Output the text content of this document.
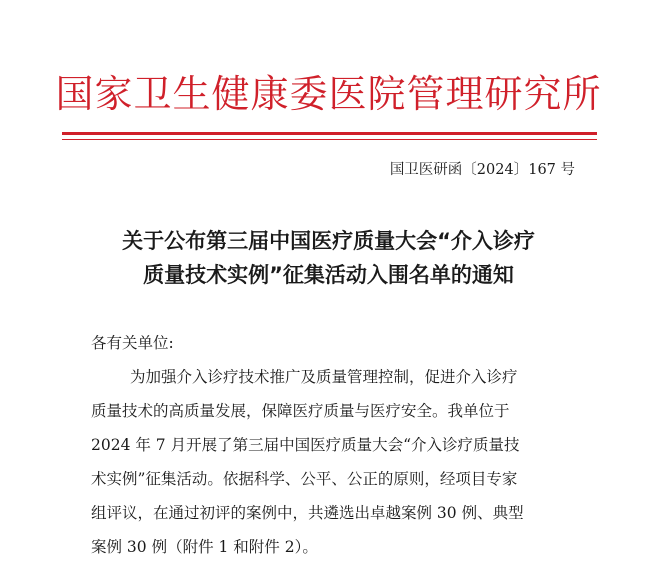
国家卫生健康委医院管理研究所
国卫医研函〔2024〕167 号
关于公布第三届中国医疗质量大会“介入诊疗
质量技术实例”征集活动入围名单的通知
各有关单位:
为加强介入诊疗技术推广及质量管理控制，促进介入诊疗
质量技术的高质量发展，保障医疗质量与医疗安全。我单位于
2024 年 7 月开展了第三届中国医疗质量大会“介入诊疗质量技
术实例”征集活动。依据科学、公平、公正的原则，经项目专家
组评议，在通过初评的案例中，共遴选出卓越案例 30 例、典型
案例 30 例（附件 1 和附件 2）。
